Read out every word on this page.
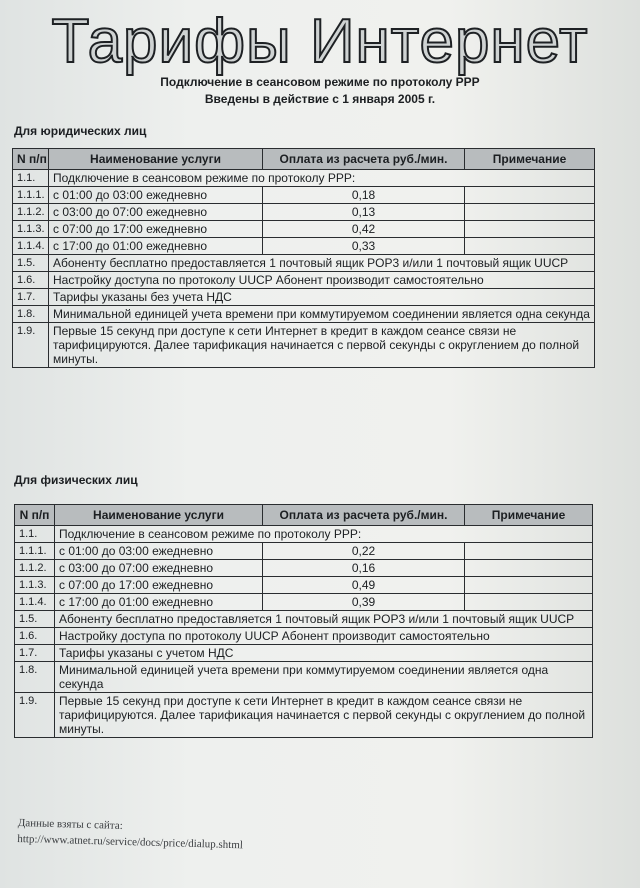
Тарифы Интернет
Подключение в сеансовом режиме по протоколу PPP
Введены в действие с 1 января 2005 г.
Для юридических лиц
N п/п	Наименование услуги	Оплата из расчета руб./мин.	Примечание
1.1.	Подключение в сеансовом режиме по протоколу PPP:		
1.1.1.	с 01:00 до 03:00 ежедневно	0,18	
1.1.2.	с 03:00 до 07:00 ежедневно	0,13	
1.1.3.	с 07:00 до 17:00 ежедневно	0,42	
1.1.4.	с 17:00 до 01:00 ежедневно	0,33	
1.5.	Абоненту бесплатно предоставляется 1 почтовый ящик POP3 и/или 1 почтовый ящик UUCP		
1.6.	Настройку доступа по протоколу UUCP Абонент производит самостоятельно		
1.7.	Тарифы указаны без учета НДС		
1.8.	Минимальной единицей учета времени при коммутируемом соединении является одна секунда		
1.9.	Первые 15 секунд при доступе к сети Интернет в кредит в каждом сеансе связи не тарифицируются. Далее тарификация начинается с первой секунды с округлением до полной минуты.		
Для физических лиц
N п/п	Наименование услуги	Оплата из расчета руб./мин.	Примечание
1.1.	Подключение в сеансовом режиме по протоколу PPP:		
1.1.1.	с 01:00 до 03:00 ежедневно	0,22	
1.1.2.	с 03:00 до 07:00 ежедневно	0,16	
1.1.3.	с 07:00 до 17:00 ежедневно	0,49	
1.1.4.	с 17:00 до 01:00 ежедневно	0,39	
1.5.	Абоненту бесплатно предоставляется 1 почтовый ящик POP3 и/или 1 почтовый ящик UUCP		
1.6.	Настройку доступа по протоколу UUCP Абонент производит самостоятельно		
1.7.	Тарифы указаны с учетом НДС		
1.8.	Минимальной единицей учета времени при коммутируемом соединении является одна секунда		
1.9.	Первые 15 секунд при доступе к сети Интернет в кредит в каждом сеансе связи не тарифицируются. Далее тарификация начинается с первой секунды с округлением до полной минуты.		
Данные взяты с сайта:
http://www.atnet.ru/service/docs/price/dialup.shtml
